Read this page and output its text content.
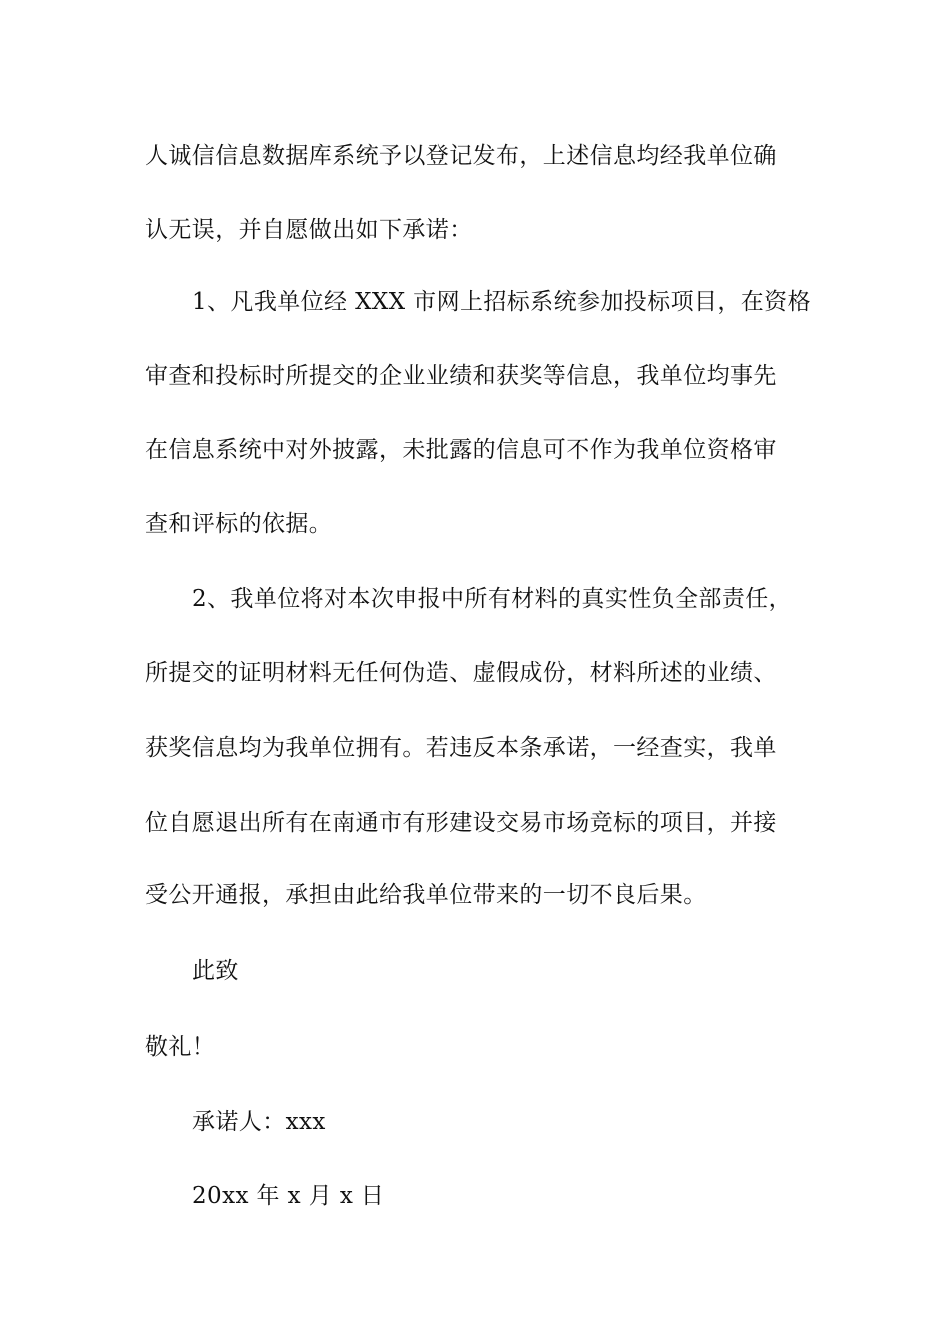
人诚信信息数据库系统予以登记发布，上述信息均经我单位确
认无误，并自愿做出如下承诺：
1、凡我单位经 XXX 市网上招标系统参加投标项目，在资格
审查和投标时所提交的企业业绩和获奖等信息，我单位均事先
在信息系统中对外披露，未批露的信息可不作为我单位资格审
查和评标的依据。
2、我单位将对本次申报中所有材料的真实性负全部责任，
所提交的证明材料无任何伪造、虚假成份，材料所述的业绩、
获奖信息均为我单位拥有。若违反本条承诺，一经查实，我单
位自愿退出所有在南通市有形建设交易市场竞标的项目，并接
受公开通报，承担由此给我单位带来的一切不良后果。
此致
敬礼！
承诺人：xxx
20xx 年 x 月 x 日
